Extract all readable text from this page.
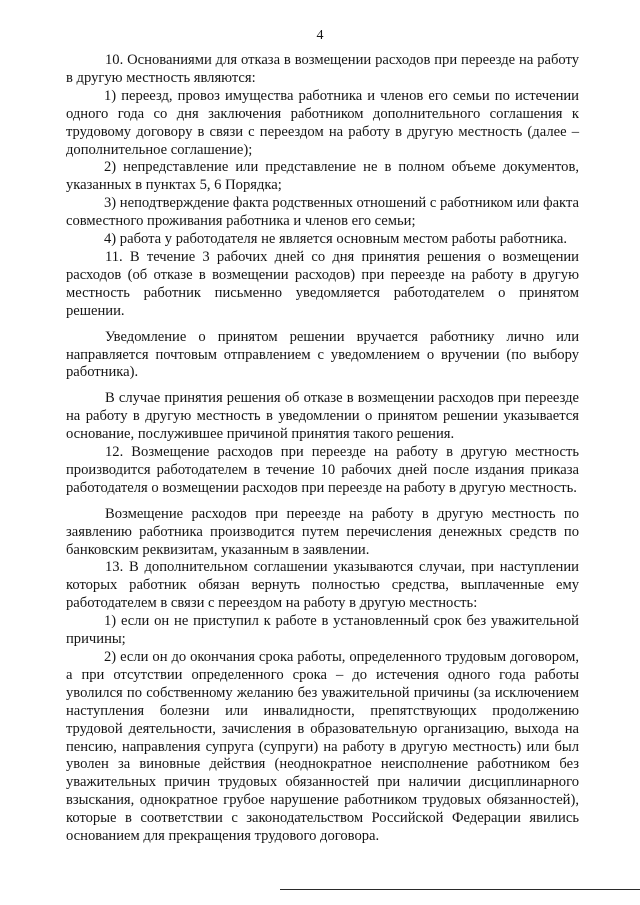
4

10. Основаниями для отказа в возмещении расходов при переезде на работу в другую местность являются:

1) переезд, провоз имущества работника и членов его семьи по истечении одного года со дня заключения работником дополнительного соглашения к трудовому договору в связи с переездом на работу в другую местность (далее – дополнительное соглашение);

2) непредставление или представление не в полном объеме документов, указанных в пунктах 5, 6 Порядка;

3) неподтверждение факта родственных отношений с работником или факта совместного проживания работника и членов его семьи;

4) работа у работодателя не является основным местом работы работника.

11. В течение 3 рабочих дней со дня принятия решения о возмещении расходов (об отказе в возмещении расходов) при переезде на работу в другую местность работник письменно уведомляется работодателем о принятом решении.

Уведомление о принятом решении вручается работнику лично или направляется почтовым отправлением с уведомлением о вручении (по выбору работника).

В случае принятия решения об отказе в возмещении расходов при переезде на работу в другую местность в уведомлении о принятом решении указывается основание, послужившее причиной принятия такого решения.

12. Возмещение расходов при переезде на работу в другую местность производится работодателем в течение 10 рабочих дней после издания приказа работодателя о возмещении расходов при переезде на работу в другую местность.

Возмещение расходов при переезде на работу в другую местность по заявлению работника производится путем перечисления денежных средств по банковским реквизитам, указанным в заявлении.

13. В дополнительном соглашении указываются случаи, при наступлении которых работник обязан вернуть полностью средства, выплаченные ему работодателем в связи с переездом на работу в другую местность:

1) если он не приступил к работе в установленный срок без уважительной причины;

2) если он до окончания срока работы, определенного трудовым договором, а при отсутствии определенного срока – до истечения одного года работы уволился по собственному желанию без уважительной причины (за исключением наступления болезни или инвалидности, препятствующих продолжению трудовой деятельности, зачисления в образовательную организацию, выхода на пенсию, направления супруга (супруги) на работу в другую местность) или был уволен за виновные действия (неоднократное неисполнение работником без уважительных причин трудовых обязанностей при наличии дисциплинарного взыскания, однократное грубое нарушение работником трудовых обязанностей), которые в соответствии с законодательством Российской Федерации явились основанием для прекращения трудового договора.
